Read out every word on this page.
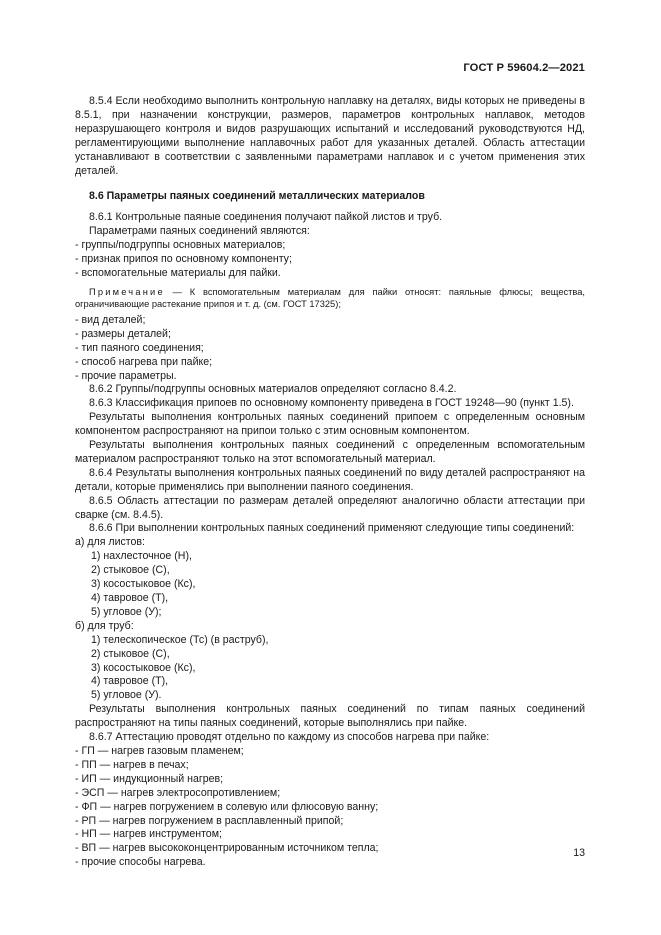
ГОСТ Р 59604.2—2021

8.5.4 Если необходимо выполнить контрольную наплавку на деталях, виды которых не приведены в 8.5.1, при назначении конструкции, размеров, параметров контрольных наплавок, методов неразрушающего контроля и видов разрушающих испытаний и исследований руководствуются НД, регламентирующими выполнение наплавочных работ для указанных деталей. Область аттестации устанавливают в соответствии с заявленными параметрами наплавок и с учетом применения этих деталей.

8.6 Параметры паяных соединений металлических материалов

8.6.1 Контрольные паяные соединения получают пайкой листов и труб.

Параметрами паяных соединений являются:

- группы/подгруппы основных материалов;

- признак припоя по основному компоненту;

- вспомогательные материалы для пайки.

Примечание — К вспомогательным материалам для пайки относят: паяльные флюсы; вещества, ограничивающие растекание припоя и т. д. (см. ГОСТ 17325);

- вид деталей;

- размеры деталей;

- тип паяного соединения;

- способ нагрева при пайке;

- прочие параметры.

8.6.2 Группы/подгруппы основных материалов определяют согласно 8.4.2.

8.6.3 Классификация припоев по основному компоненту приведена в ГОСТ 19248—90 (пункт 1.5).

Результаты выполнения контрольных паяных соединений припоем с определенным основным компонентом распространяют на припои только с этим основным компонентом.

Результаты выполнения контрольных паяных соединений с определенным вспомогательным материалом распространяют только на этот вспомогательный материал.

8.6.4 Результаты выполнения контрольных паяных соединений по виду деталей распространяют на детали, которые применялись при выполнении паяного соединения.

8.6.5 Область аттестации по размерам деталей определяют аналогично области аттестации при сварке (см. 8.4.5).

8.6.6 При выполнении контрольных паяных соединений применяют следующие типы соединений:

а) для листов:

1) нахлесточное (Н),

2) стыковое (С),

3) косостыковое (Кс),

4) тавровое (Т),

5) угловое (У);

б) для труб:

1) телескопическое (Тс) (в раструб),

2) стыковое (С),

3) косостыковое (Кс),

4) тавровое (Т),

5) угловое (У).

Результаты выполнения контрольных паяных соединений по типам паяных соединений распространяют на типы паяных соединений, которые выполнялись при пайке.

8.6.7 Аттестацию проводят отдельно по каждому из способов нагрева при пайке:

- ГП — нагрев газовым пламенем;

- ПП — нагрев в печах;

- ИП — индукционный нагрев;

- ЭСП — нагрев электросопротивлением;

- ФП — нагрев погружением в солевую или флюсовую ванну;

- РП — нагрев погружением в расплавленный припой;

- НП — нагрев инструментом;

- ВП — нагрев высококонцентрированным источником тепла;

- прочие способы нагрева.

13
